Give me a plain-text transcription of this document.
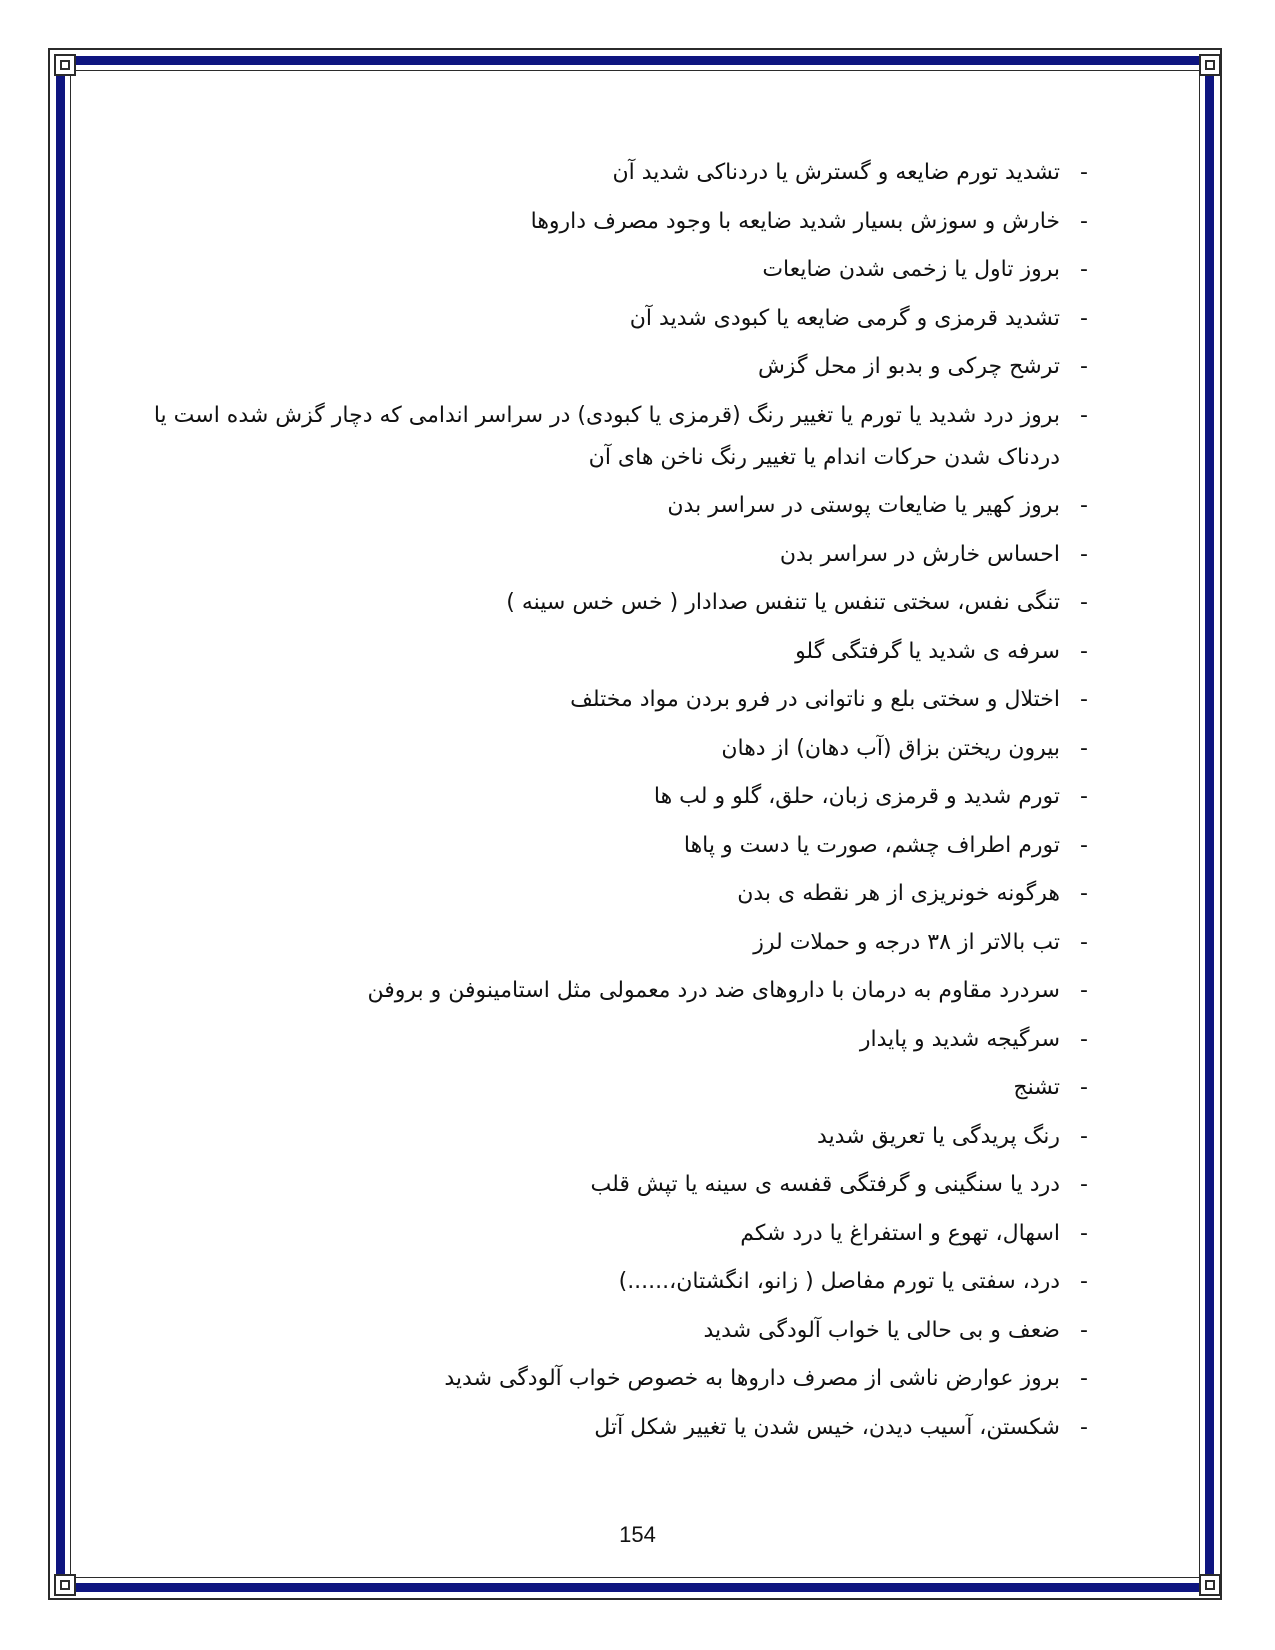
-
تشدید تورم ضایعه و گسترش یا دردناکی شدید آن
-
خارش و سوزش بسیار شدید ضایعه با وجود مصرف داروها
-
بروز تاول یا زخمی شدن ضایعات
-
تشدید قرمزی و گرمی ضایعه یا کبودی شدید آن
-
ترشح چرکی و بدبو از محل گزش
-
بروز درد شدید یا تورم یا تغییر رنگ (قرمزی یا کبودی) در سراسر اندامی که دچار گزش شده است یا دردناک شدن حرکات اندام یا تغییر رنگ ناخن های آن
-
بروز کهیر یا ضایعات پوستی در سراسر بدن
-
احساس خارش در سراسر بدن
-
تنگی نفس، سختی تنفس یا تنفس صدادار ( خس خس سینه )
-
سرفه ی شدید یا گرفتگی گلو
-
اختلال و سختی بلع و ناتوانی در فرو بردن مواد مختلف
-
بیرون ریختن بزاق (آب دهان) از دهان
-
تورم شدید و قرمزی زبان، حلق، گلو و لب ها
-
تورم اطراف چشم، صورت یا دست و پاها
-
هرگونه خونریزی از هر نقطه ی بدن
-
تب بالاتر از ۳۸ درجه و حملات لرز
-
سردرد مقاوم به درمان با داروهای ضد درد معمولی مثل استامینوفن و بروفن
-
سرگیجه شدید و پایدار
-
تشنج
-
رنگ پریدگی یا تعریق شدید
-
درد یا سنگینی و گرفتگی قفسه ی سینه یا تپش قلب
-
اسهال، تهوع و استفراغ یا درد شکم
-
درد، سفتی یا تورم مفاصل ( زانو، انگشتان،......)
-
ضعف و بی حالی یا خواب آلودگی شدید
-
بروز عوارض ناشی از مصرف داروها به خصوص خواب آلودگی شدید
-
شکستن، آسیب دیدن، خیس شدن یا تغییر شکل آتل
154
